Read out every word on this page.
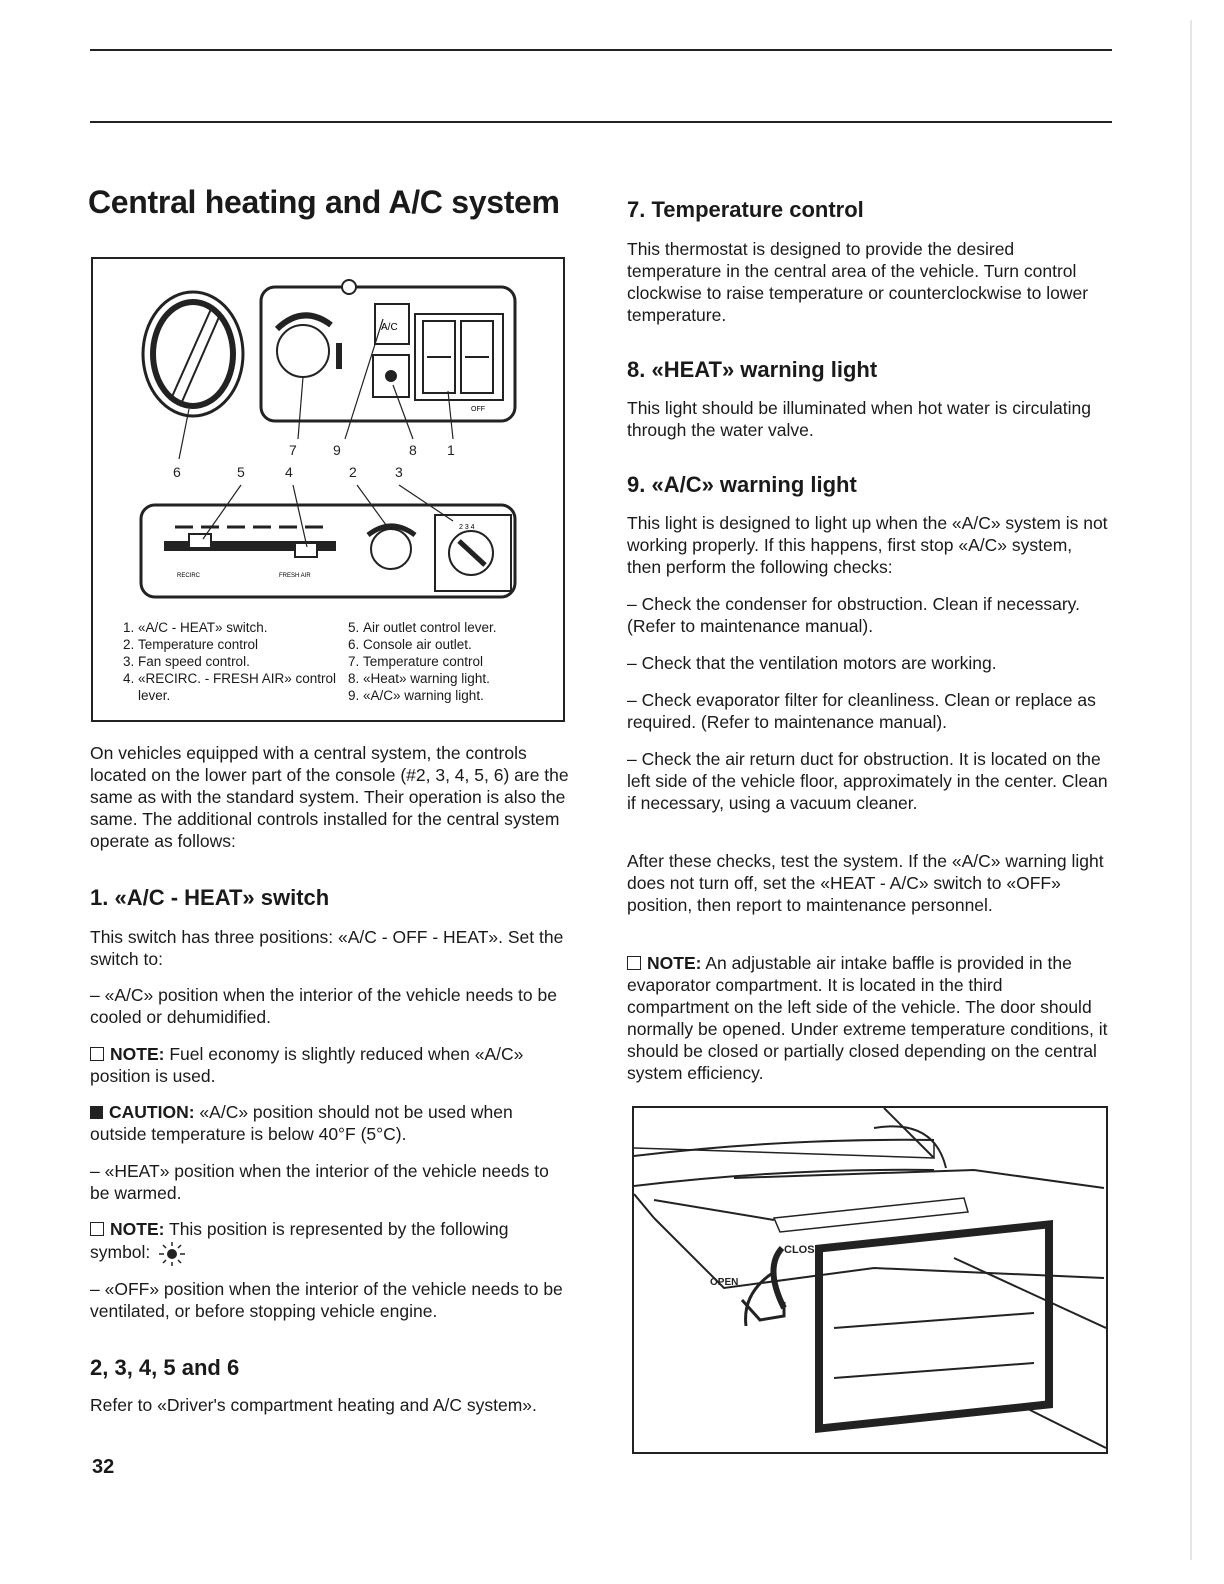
Central heating and A/C system
A/C
OFF
RECIRC	FRESH AIR
2 3 4
7	9	8 1
6	5	4	2	3
1. «A/C - HEAT» switch.
2. Temperature control
3. Fan speed control.
4. «RECIRC. - FRESH AIR» control lever.
5. Air outlet control lever.
6. Console air outlet.
7. Temperature control
8. «Heat» warning light.
9. «A/C» warning light.

On vehicles equipped with a central system, the controls located on the lower part of the console (#2, 3, 4, 5, 6) are the same as with the standard system. Their operation is also the same. The additional controls installed for the central system operate as follows:

1. «A/C - HEAT» switch

This switch has three positions: «A/C - OFF - HEAT». Set the switch to:

– «A/C» position when the interior of the vehicle needs to be cooled or dehumidified.

NOTE: Fuel economy is slightly reduced when «A/C» position is used.

CAUTION: «A/C» position should not be used when outside temperature is below 40°F (5°C).

– «HEAT» position when the interior of the vehicle needs to be warmed.

NOTE: This position is represented by the following symbol:

– «OFF» position when the interior of the vehicle needs to be ventilated, or before stopping vehicle engine.

2, 3, 4, 5 and 6

Refer to «Driver's compartment heating and A/C system».

32
7. Temperature control

This thermostat is designed to provide the desired temperature in the central area of the vehicle. Turn control clockwise to raise temperature or counterclockwise to lower temperature.

8. «HEAT» warning light

This light should be illuminated when hot water is circulating through the water valve.

9. «A/C» warning light

This light is designed to light up when the «A/C» system is not working properly. If this happens, first stop «A/C» system, then perform the following checks:

– Check the condenser for obstruction. Clean if necessary. (Refer to maintenance manual).

– Check that the ventilation motors are working.

– Check evaporator filter for cleanliness. Clean or replace as required. (Refer to maintenance manual).

– Check the air return duct for obstruction. It is located on the left side of the vehicle floor, approximately in the center. Clean if necessary, using a vacuum cleaner.

After these checks, test the system. If the «A/C» warning light does not turn off, set the «HEAT - A/C» switch to «OFF» position, then report to maintenance personnel.

NOTE: An adjustable air intake baffle is provided in the evaporator compartment. It is located in the third compartment on the left side of the vehicle. The door should normally be opened. Under extreme temperature conditions, it should be closed or partially closed depending on the central system efficiency.

CLOSE
OPEN
